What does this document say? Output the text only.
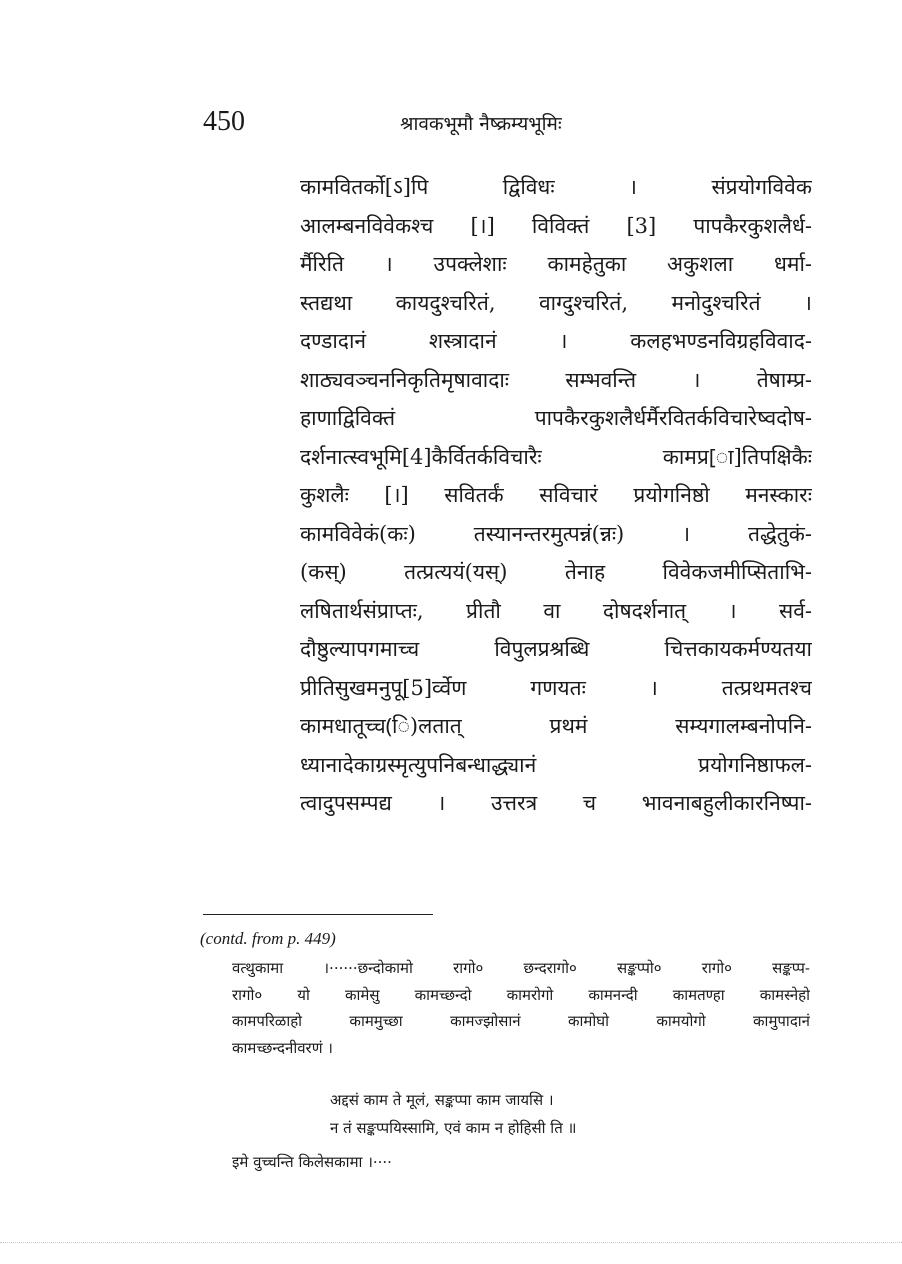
450	श्रावकभूमौ नैष्क्रम्यभूमिः
कामवितर्को[ऽ]पि द्विविधः । संप्रयोगविवेक
आलम्बनविवेकश्च [।] विविक्तं [3] पापकैरकुशलैर्ध-
र्मैरिति । उपक्लेशाः कामहेतुका अकुशला धर्मा-
स्तद्यथा कायदुश्चरितं, वाग्दुश्चरितं, मनोदुश्चरितं ।
दण्डादानं शस्त्रादानं । कलहभण्डनविग्रहविवाद-
शाठ्यवञ्चननिकृतिमृषावादाः सम्भवन्ति । तेषाम्प्र-
हाणाद्विविक्तं पापकैरकुशलैर्धर्मैरवितर्कविचारेष्वदोष-
दर्शनात्स्वभूमि[4]कैर्वितर्कविचारैः कामप्र[ा]तिपक्षिकैः
कुशलैः [।] सवितर्कं सविचारं प्रयोगनिष्ठो मनस्कारः
कामविवेकं(कः) तस्यानन्तरमुत्पन्नं(न्नः) । तद्धेतुकं-
(कस्) तत्प्रत्ययं(यस्) तेनाह विवेकजमीप्सिताभि-
लषितार्थसंप्राप्तः, प्रीतौ वा दोषदर्शनात् । सर्व-
दौष्ठुल्यापगमाच्च विपुलप्रश्रब्धि चित्तकायकर्मण्यतया
प्रीतिसुखमनुपू[5]र्व्वेण गणयतः । तत्प्रथमतश्च
कामधातूच्च(ि)लतात् प्रथमं सम्यगालम्बनोपनि-
ध्यानादेकाग्रस्मृत्युपनिबन्धाद्ध्यानं प्रयोगनिष्ठाफल-
त्वादुपसम्पद्य । उत्तरत्र च भावनाबहुलीकारनिष्पा-
(contd. from p. 449)
वत्थुकामा ।······छन्दोकामो रागो० छन्दरागो० सङ्कप्पो० रागो० सङ्कप्प-
रागो० यो कामेसु कामच्छन्दो कामरोगो कामनन्दी कामतण्हा कामस्नेहो
कामपरिळाहो काममुच्छा कामज्झोसानं कामोघो कामयोगो कामुपादानं
कामच्छन्दनीवरणं ।
अद्दसं काम ते मूलं, सङ्कप्पा काम जायसि ।
न तं सङ्कप्पयिस्सामि, एवं काम न होहिसी ति ॥
इमे वुच्चन्ति किलेसकामा ।····
